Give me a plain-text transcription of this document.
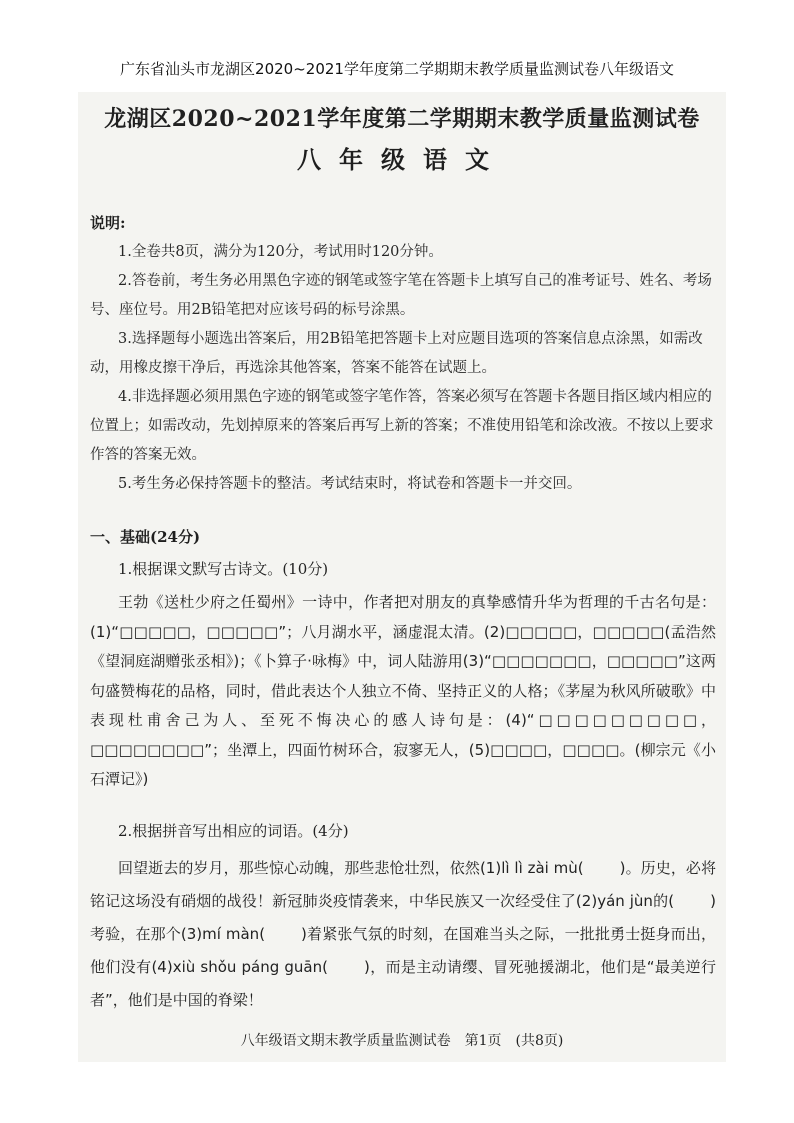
广东省汕头市龙湖区2020~2021学年度第二学期期末教学质量监测试卷八年级语文

龙湖区2020~2021学年度第二学期期末教学质量监测试卷
八年级语文
说明:

1.全卷共8页，满分为120分，考试用时120分钟。

2.答卷前，考生务必用黑色字迹的钢笔或签字笔在答题卡上填写自己的准考证号、姓名、考场号、座位号。用2B铅笔把对应该号码的标号涂黑。

3.选择题每小题选出答案后，用2B铅笔把答题卡上对应题目选项的答案信息点涂黑，如需改动，用橡皮擦干净后，再选涂其他答案，答案不能答在试题上。

4.非选择题必须用黑色字迹的钢笔或签字笔作答，答案必须写在答题卡各题目指区域内相应的位置上；如需改动，先划掉原来的答案后再写上新的答案；不准使用铅笔和涂改液。不按以上要求作答的答案无效。

5.考生务必保持答题卡的整洁。考试结束时，将试卷和答题卡一并交回。

一、基础(24分)
1.根据课文默写古诗文。(10分)
王勃《送杜少府之任蜀州》一诗中，作者把对朋友的真挚感情升华为哲理的千古名句是：(1)“□□□□□，□□□□□”；八月湖水平，涵虚混太清。(2)□□□□□，□□□□□(孟浩然《望洞庭湖赠张丞相》)；《卜算子·咏梅》中，词人陆游用(3)“□□□□□□□，□□□□□”这两句盛赞梅花的品格，同时，借此表达个人独立不倚、坚持正义的人格；《茅屋为秋风所破歌》中表现杜甫舍己为人、至死不悔决心的感人诗句是：(4)“□□□□□□□□□，□□□□□□□□”；坐潭上，四面竹树环合，寂寥无人，(5)□□□□，□□□□。(柳宗元《小石潭记》)
2.根据拼音写出相应的词语。(4分)
回望逝去的岁月，那些惊心动魄，那些悲怆壮烈，依然(1)lì lì zài mù( )。历史，必将铭记这场没有硝烟的战役！新冠肺炎疫情袭来，中华民族又一次经受住了(2)yán jùn的( )考验，在那个(3)mí màn( )着紧张气氛的时刻，在国难当头之际，一批批勇士挺身而出，他们没有(4)xiù shǒu páng guān( )，而是主动请缨、冒死驰援湖北，他们是“最美逆行者”，他们是中国的脊梁！
八年级语文期末教学质量监测试卷　第1页　(共8页)
